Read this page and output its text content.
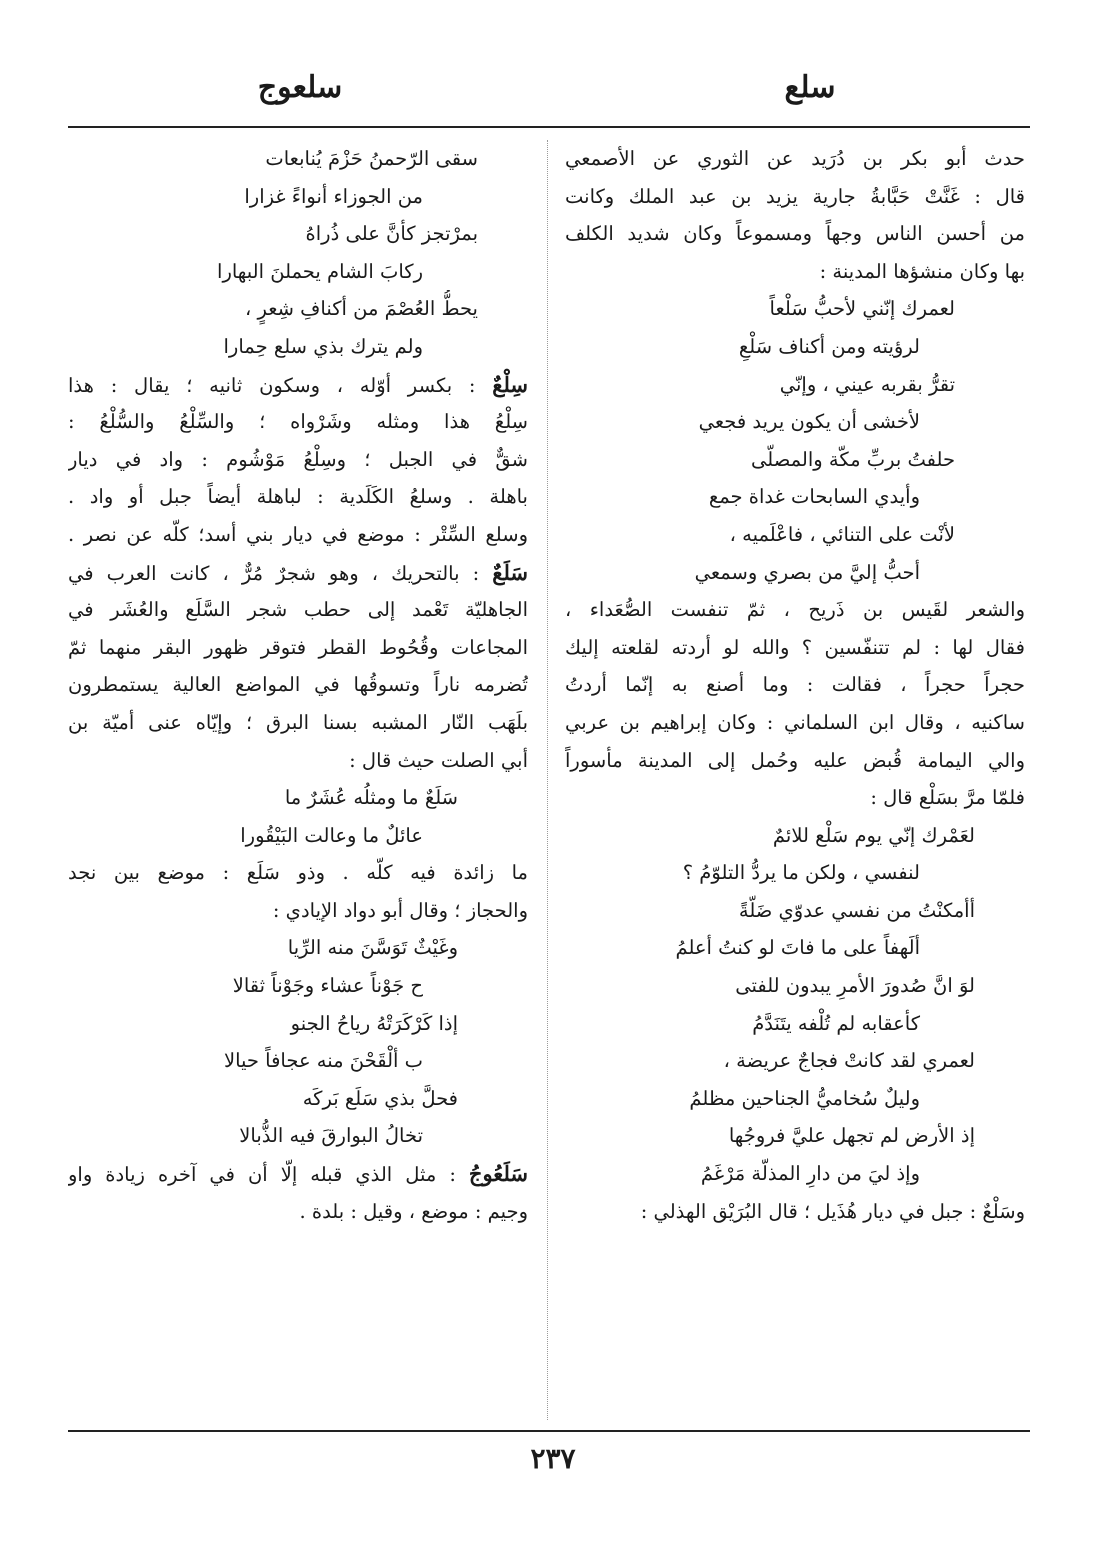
سلع
سلعوج
حدث أبو بكر بن دُرَيد عن الثوري عن الأصمعي
قال : غَنَّتْ حَبَّابةُ جارية يزيد بن عبد الملك وكانت
من أحسن الناس وجهاً ومسموعاً وكان شديد الكلف
بها وكان منشؤها المدينة :
لعمرك إنّني لأحبُّ سَلْعاً
لرؤيته ومن أكناف سَلْعِ
تقرُّ بقربه عيني ، وإنّي
لأخشى أن يكون يريد فجعي
حلفتُ بربِّ مكّة والمصلّى
وأيدي السابحات غداة جمع
لأنْت على التنائي ، فاعْلَميه ،
أحبُّ إليَّ من بصري وسمعي
والشعر لقَيس بن ذَريح ، ثمّ تنفست الصُّعَداء ،
فقال لها : لم تتنفّسين ؟ والله لو أردته لقلعته إليك
حجراً حجراً ، فقالت : وما أصنع به إنّما أردتُ
ساكنيه ، وقال ابن السلماني : وكان إبراهيم بن عربي
والي اليمامة قُبض عليه وحُمل إلى المدينة مأسوراً
فلمّا مرَّ بسَلْع قال :
لعَمْرك إنّي يوم سَلْع للائمٌ
لنفسي ، ولكن ما يردُّ التلوّمُ ؟
أأمكنْتُ من نفسي عدوّي ضَلّةً
ألَهفاً على ما فاتَ لو كنتُ أعلمُ
لوَ انَّ صُدورَ الأمرِ يبدون للفتى
كأعقابه لم تُلْفه يتَنَدَّمُ
لعمري لقد كانتْ فجاجٌ عريضة ،
وليلٌ سُخاميُّ الجناحين مظلمُ
إذ الأرض لم تجهل عليَّ فروجُها
وإذ ليَ من دارِ المذلّة مَرْغَمُ
وسَلْعٌ : جبل في ديار هُذَيل ؛ قال البُرَيْق الهذلي :
سقى الرّحمنُ حَزْمَ يُنابعات
من الجوزاء أنواءً غزارا
بمرْتجز كأنَّ على ذُراهُ
ركابَ الشام يحملنَ البهارا
يحطُّ العُصْمَ من أكنافِ شِعرٍ ،
ولم يترك بذي سلع حِمارا
سِلْعٌ : بكسر أوّله ، وسكون ثانيه ؛ يقال : هذا
سِلْعُ هذا ومثله وشَرْواه ؛ والسِّلْعُ والسُّلْعُ :
شقٌّ في الجبل ؛ وسِلْعُ مَوْشُوم : واد في ديار
باهلة . وسلعُ الكَلَدية : لباهلة أيضاً جبل أو واد .
وسلع السِّتْر : موضع في ديار بني أسد؛ كلّه عن نصر .
سَلَعٌ : بالتحريك ، وهو شجرٌ مُرٌّ ، كانت العرب في
الجاهليّة تَعْمد إلى حطب شجر السَّلَع والعُشَر في
المجاعات وقُحُوط القطر فتوقر ظهور البقر منهما ثمّ
تُضرمه ناراً وتسوقُها في المواضع العالية يستمطرون
بلَهَب النّار المشبه بسنا البرق ؛ وإيّاه عنى أميّة بن
أبي الصلت حيث قال :
سَلَعٌ ما ومثلُه عُشَرٌ ما
عائلٌ ما وعالت البَيْقُورا
ما زائدة فيه كلّه . وذو سَلَع : موضع بين نجد
والحجاز ؛ وقال أبو دواد الإيادي :
وغَيْثٌ تَوَسَّنَ منه الرِّيا
ح جَوْناً عشاء وجَوْناً ثقالا
إذا كَرْكَرَتْهُ رياحُ الجنو
ب ألْقَحْنَ منه عجافاً حيالا
فحلَّ بذي سَلَع بَركَه
تخالُ البوارقَ فيه الذُّبالا
سَلَعُوجُ : مثل الذي قبله إلّا أن في آخره زيادة واو
وجيم : موضع ، وقيل : بلدة .
٢٣٧
